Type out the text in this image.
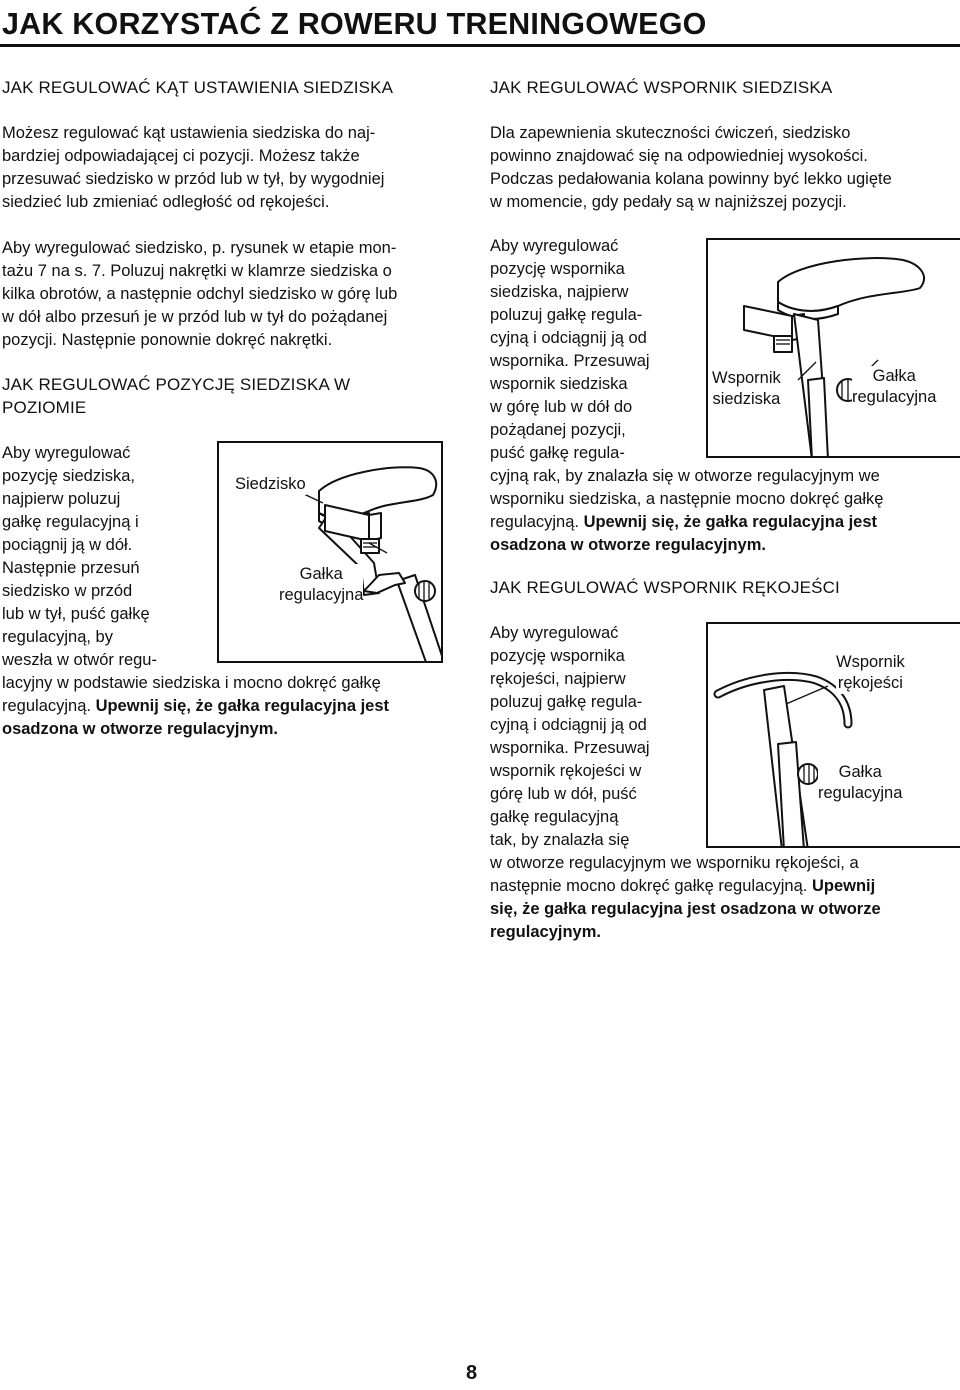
JAK KORZYSTAĆ Z ROWERU TRENINGOWEGO
JAK REGULOWAĆ KĄT USTAWIENIA SIEDZISKA

Możesz regulować kąt ustawienia siedziska do naj-
bardziej odpowiadającej ci pozycji. Możesz także
przesuwać siedzisko w przód lub w tył, by wygodniej
siedzieć lub zmieniać odległość od rękojeści.

Aby wyregulować siedzisko, p. rysunek w etapie mon-
tażu 7 na s. 7. Poluzuj nakrętki w klamrze siedziska o
kilka obrotów, a następnie odchyl siedzisko w górę lub
w dół albo przesuń je w przód lub w tył do pożądanej
pozycji. Następnie ponownie dokręć nakrętki.

JAK REGULOWAĆ POZYCJĘ SIEDZISKA W
POZIOMIE

Aby wyregulować
pozycję siedziska,
najpierw poluzuj
gałkę regulacyjną i
pociągnij ją w dół.
Następnie przesuń
siedzisko w przód
lub w tył, puść gałkę
regulacyjną, by
weszła w otwór regu-
lacyjny w podstawie siedziska i mocno dokręć gałkę
regulacyjną. Upewnij się, że gałka regulacyjna jest
osadzona w otworze regulacyjnym.

Siedzisko
Gałka
regulacyjna
JAK REGULOWAĆ WSPORNIK SIEDZISKA

Dla zapewnienia skuteczności ćwiczeń, siedzisko
powinno znajdować się na odpowiedniej wysokości.
Podczas pedałowania kolana powinny być lekko ugięte
w momencie, gdy pedały są w najniższej pozycji.

Aby wyregulować
pozycję wspornika
siedziska, najpierw
poluzuj gałkę regula-
cyjną i odciągnij ją od
wspornika. Przesuwaj
wspornik siedziska
w górę lub w dół do
pożądanej pozycji,
puść gałkę regula-
cyjną rak, by znalazła się w otworze regulacyjnym we
wsporniku siedziska, a następnie mocno dokręć gałkę
regulacyjną. Upewnij się, że gałka regulacyjna jest
osadzona w otworze regulacyjnym.

Wspornik
siedziska
Gałka
regulacyjna
JAK REGULOWAĆ WSPORNIK RĘKOJEŚCI

Aby wyregulować
pozycję wspornika
rękojeści, najpierw
poluzuj gałkę regula-
cyjną i odciągnij ją od
wspornika. Przesuwaj
wspornik rękojeści w
górę lub w dół, puść
gałkę regulacyjną
tak, by znalazła się
w otworze regulacyjnym we wsporniku rękojeści, a
następnie mocno dokręć gałkę regulacyjną. Upewnij
się, że gałka regulacyjna jest osadzona w otworze
regulacyjnym.

Wspornik
rękojeści
Gałka
regulacyjna
8
